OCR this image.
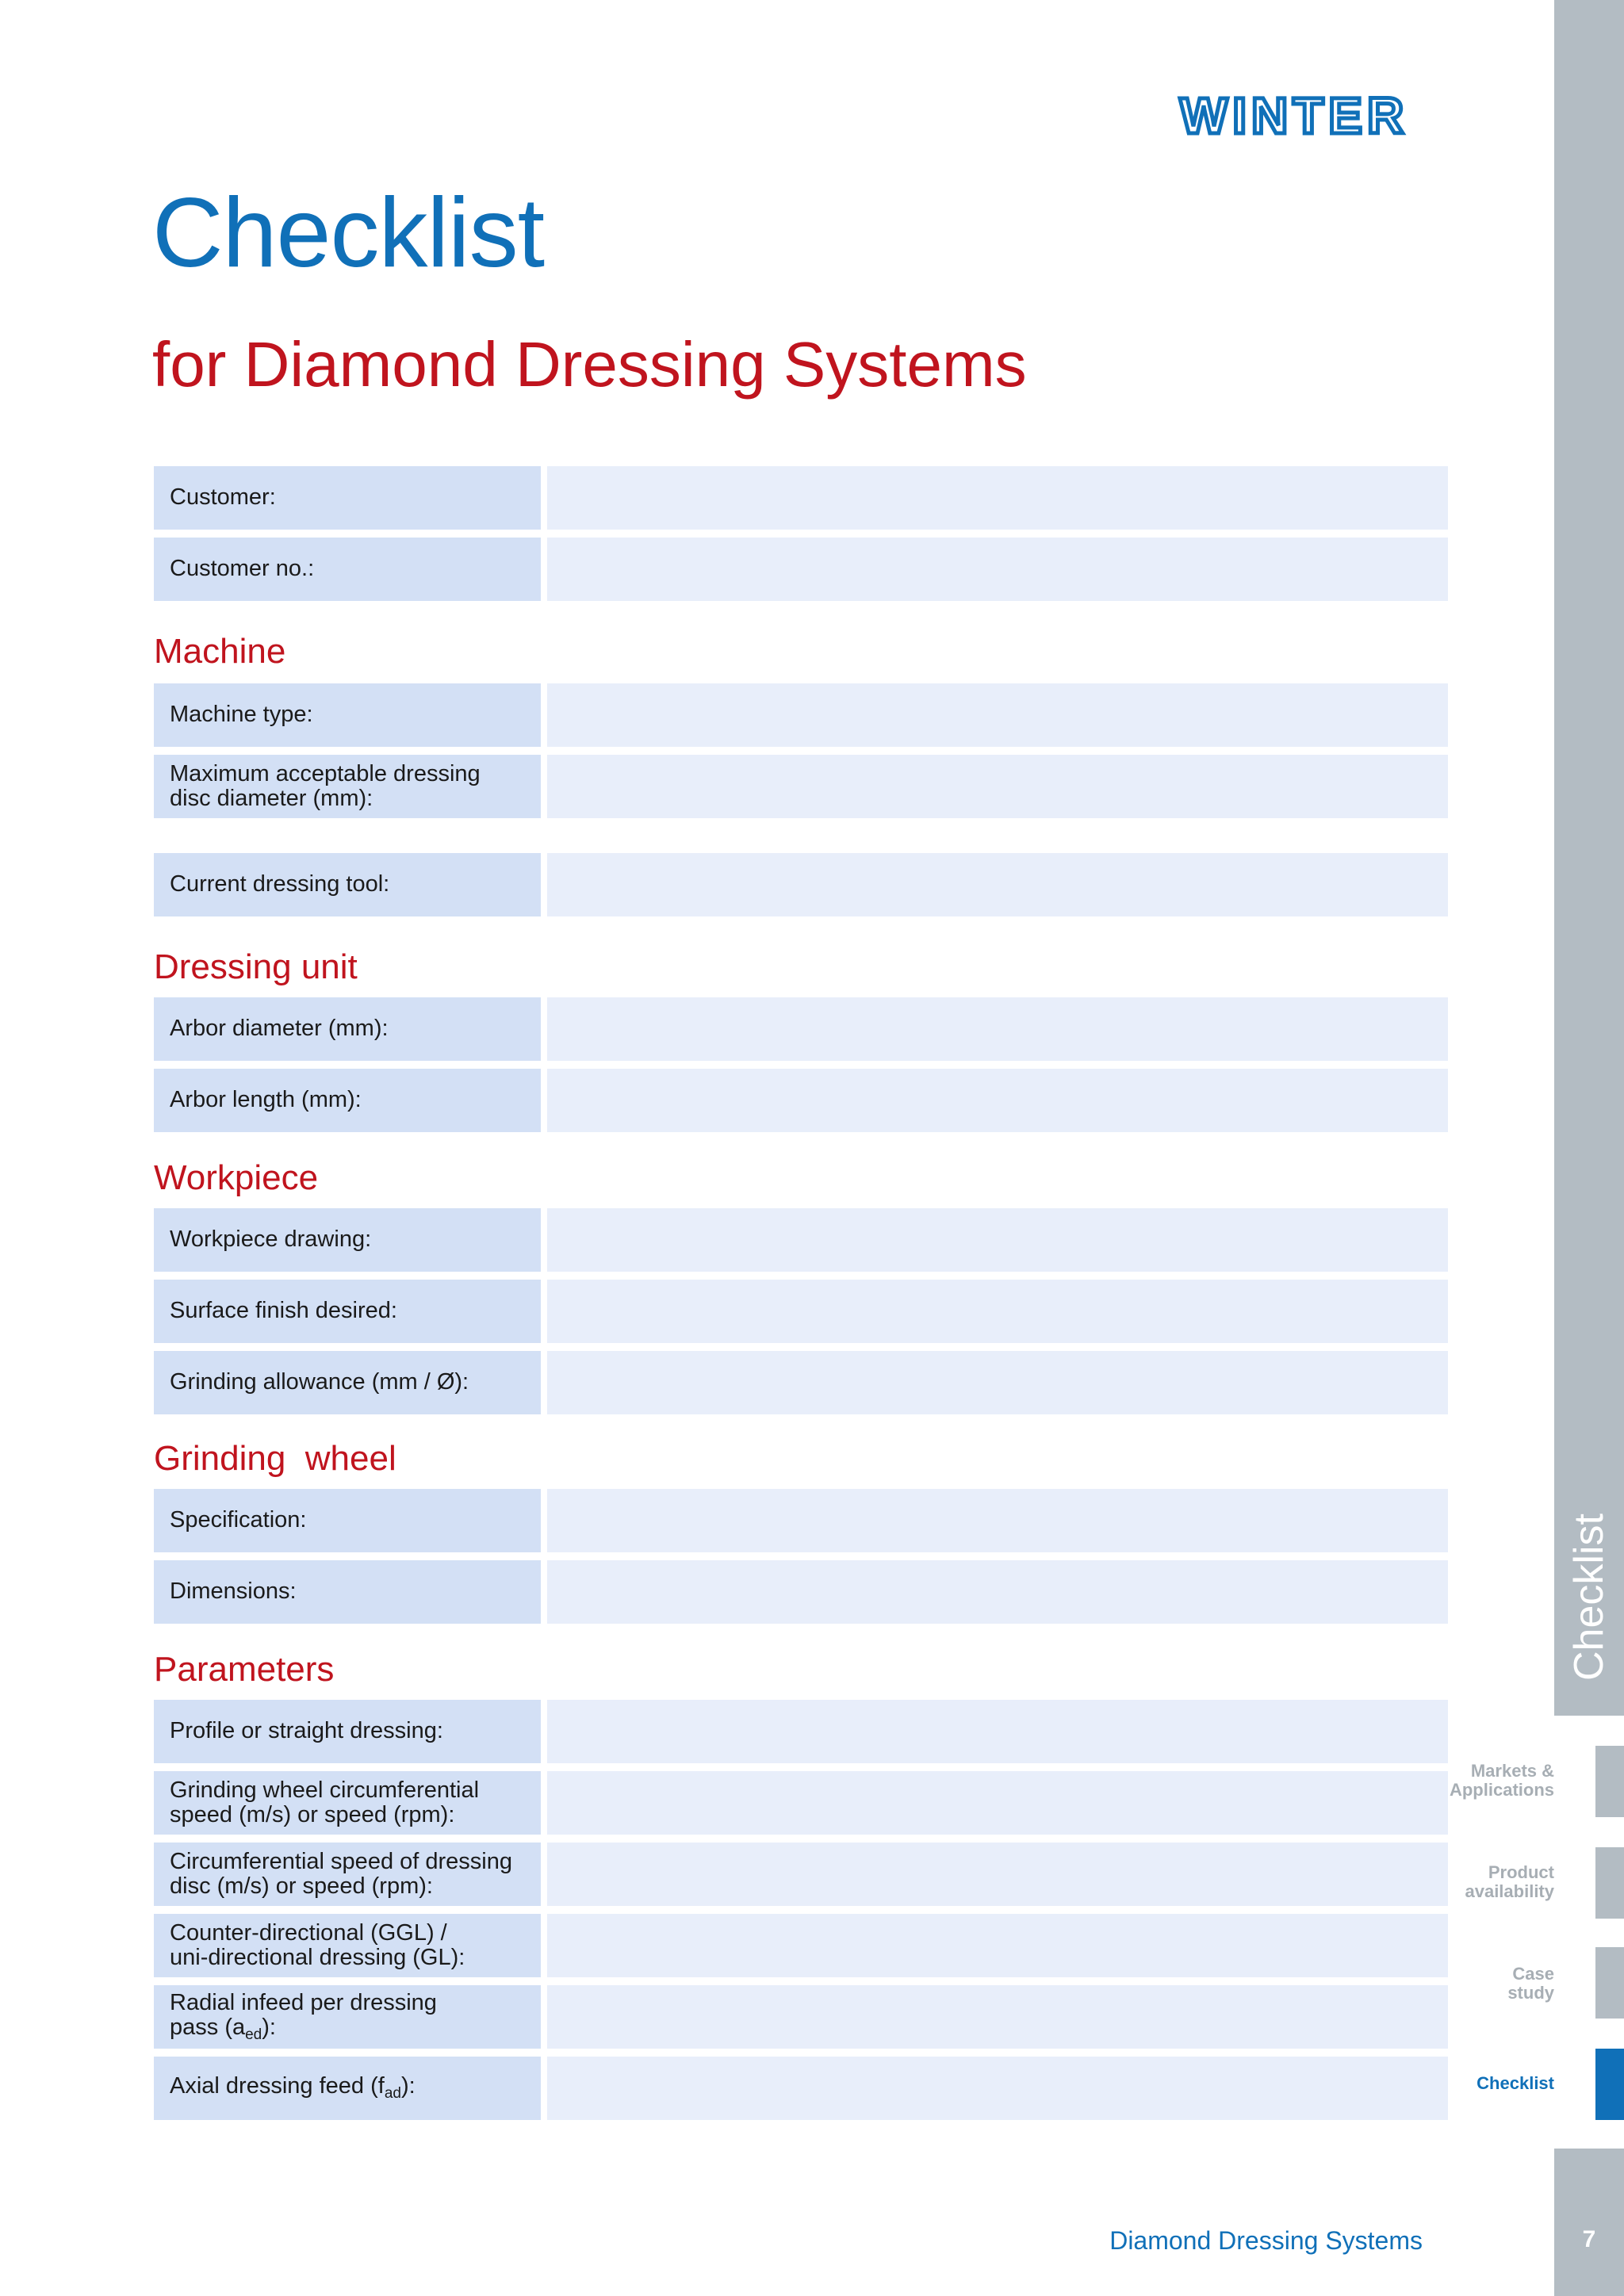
WINTER
Checklist
for Diamond Dressing Systems
Customer:
Customer no.:
Machine
Machine type:
Maximum acceptable dressing
disc diameter (mm):
Current dressing tool:
Dressing unit
Arbor diameter (mm):
Arbor length (mm):
Workpiece
Workpiece drawing:
Surface finish desired:
Grinding allowance (mm / Ø):
Grinding  wheel
Specification:
Dimensions:
Parameters
Profile or straight dressing:
Grinding wheel circumferential
speed (m/s) or speed (rpm):
Circumferential speed of dressing
disc (m/s) or speed (rpm):
Counter-directional (GGL) /
uni-directional dressing (GL):
Radial infeed per dressing
pass $(a_{ed})$:
Axial dressing feed $(f_{ad})$:
Markets &
Applications
Product
availability
Case
study
Checklist
Diamond Dressing Systems	7
